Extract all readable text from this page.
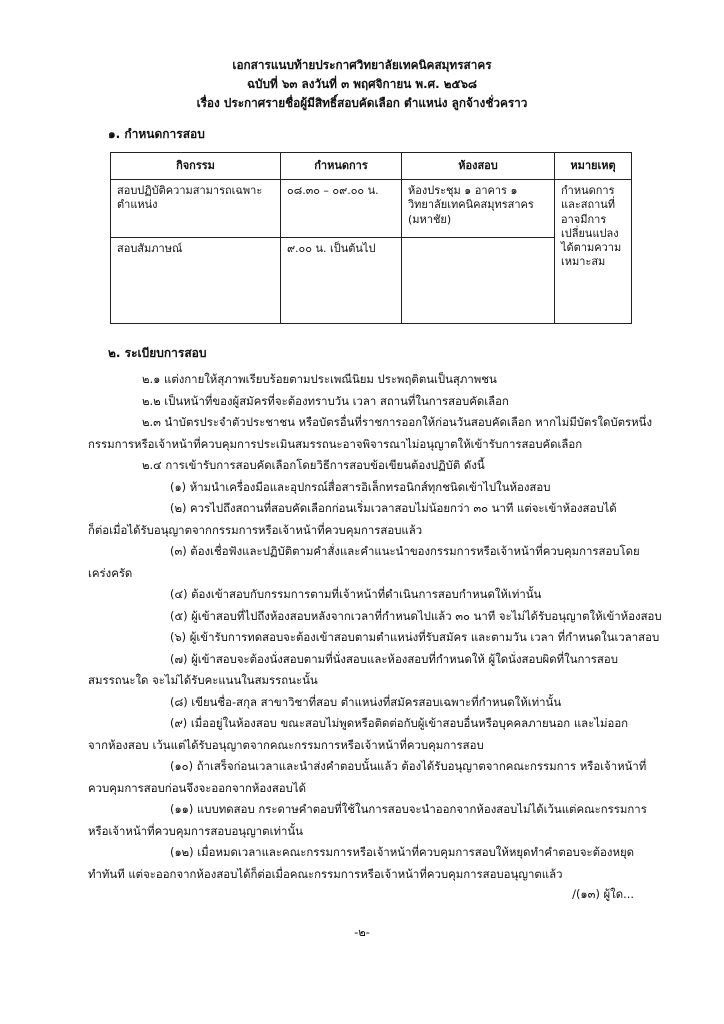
เอกสารแนบท้ายประกาศวิทยาลัยเทคนิคสมุทรสาคร
ฉบับที่ ๖๓ ลงวันที่ ๓ พฤศจิกายน พ.ศ. ๒๕๖๘
เรื่อง ประกาศรายชื่อผู้มีสิทธิ์สอบคัดเลือก ตำแหน่ง ลูกจ้างชั่วคราว
๑. กำหนดการสอบ
กิจกรรม	กำหนดการ	ห้องสอบ	หมายเหตุ
สอบปฏิบัติความสามารถเฉพาะตำแหน่ง	๐๘.๓๐ – ๐๙.๐๐ น.	ห้องประชุม ๑ อาคาร ๑ วิทยาลัยเทคนิคสมุทรสาคร (มหาชัย)	กำหนดการและสถานที่อาจมีการเปลี่ยนแปลงได้ตามความเหมาะสม
สอบสัมภาษณ์	๙.๐๐ น. เป็นต้นไป		
๒. ระเบียบการสอบ
๒.๑ แต่งกายให้สุภาพเรียบร้อยตามประเพณีนิยม ประพฤติตนเป็นสุภาพชน
๒.๒ เป็นหน้าที่ของผู้สมัครที่จะต้องทราบวัน เวลา สถานที่ในการสอบคัดเลือก
๒.๓ นำบัตรประจำตัวประชาชน หรือบัตรอื่นที่ราชการออกให้ก่อนวันสอบคัดเลือก หากไม่มีบัตรใดบัตรหนึ่ง
กรรมการหรือเจ้าหน้าที่ควบคุมการประเมินสมรรถนะอาจพิจารณาไม่อนุญาตให้เข้ารับการสอบคัดเลือก
๒.๔ การเข้ารับการสอบคัดเลือกโดยวิธีการสอบข้อเขียนต้องปฏิบัติ ดังนี้
(๑) ห้ามนำเครื่องมือและอุปกรณ์สื่อสารอิเล็กทรอนิกส์ทุกชนิดเข้าไปในห้องสอบ
(๒) ควรไปถึงสถานที่สอบคัดเลือกก่อนเริ่มเวลาสอบไม่น้อยกว่า ๓๐ นาที แต่จะเข้าห้องสอบได้
ก็ต่อเมื่อได้รับอนุญาตจากกรรมการหรือเจ้าหน้าที่ควบคุมการสอบแล้ว
(๓) ต้องเชื่อฟังและปฏิบัติตามคำสั่งและคำแนะนำของกรรมการหรือเจ้าหน้าที่ควบคุมการสอบโดย
เคร่งครัด
(๔) ต้องเข้าสอบกับกรรมการตามที่เจ้าหน้าที่ดำเนินการสอบกำหนดให้เท่านั้น
(๕) ผู้เข้าสอบที่ไปถึงห้องสอบหลังจากเวลาที่กำหนดไปแล้ว ๓๐ นาที จะไม่ได้รับอนุญาตให้เข้าห้องสอบ
(๖) ผู้เข้ารับการทดสอบจะต้องเข้าสอบตามตำแหน่งที่รับสมัคร และตามวัน เวลา ที่กำหนดในเวลาสอบ
(๗) ผู้เข้าสอบจะต้องนั่งสอบตามที่นั่งสอบและห้องสอบที่กำหนดให้ ผู้ใดนั่งสอบผิดที่ในการสอบ
สมรรถนะใด จะไม่ได้รับคะแนนในสมรรถนะนั้น
(๘) เขียนชื่อ-สกุล สาขาวิชาที่สอบ ตำแหน่งที่สมัครสอบเฉพาะที่กำหนดให้เท่านั้น
(๙) เมื่ออยู่ในห้องสอบ ขณะสอบไม่พูดหรือติดต่อกับผู้เข้าสอบอื่นหรือบุคคลภายนอก และไม่ออก
จากห้องสอบ เว้นแต่ได้รับอนุญาตจากคณะกรรมการหรือเจ้าหน้าที่ควบคุมการสอบ
(๑๐) ถ้าเสร็จก่อนเวลาและนำส่งคำตอบนั้นแล้ว ต้องได้รับอนุญาตจากคณะกรรมการ หรือเจ้าหน้าที่
ควบคุมการสอบก่อนจึงจะออกจากห้องสอบได้
(๑๑) แบบทดสอบ กระดาษคำตอบที่ใช้ในการสอบจะนำออกจากห้องสอบไม่ได้เว้นแต่คณะกรรมการ
หรือเจ้าหน้าที่ควบคุมการสอบอนุญาตเท่านั้น
(๑๒) เมื่อหมดเวลาและคณะกรรมการหรือเจ้าหน้าที่ควบคุมการสอบให้หยุดทำคำตอบจะต้องหยุด
ทำทันที แต่จะออกจากห้องสอบได้ก็ต่อเมื่อคณะกรรมการหรือเจ้าหน้าที่ควบคุมการสอบอนุญาตแล้ว
/(๑๓) ผู้ใด...
-๒-
